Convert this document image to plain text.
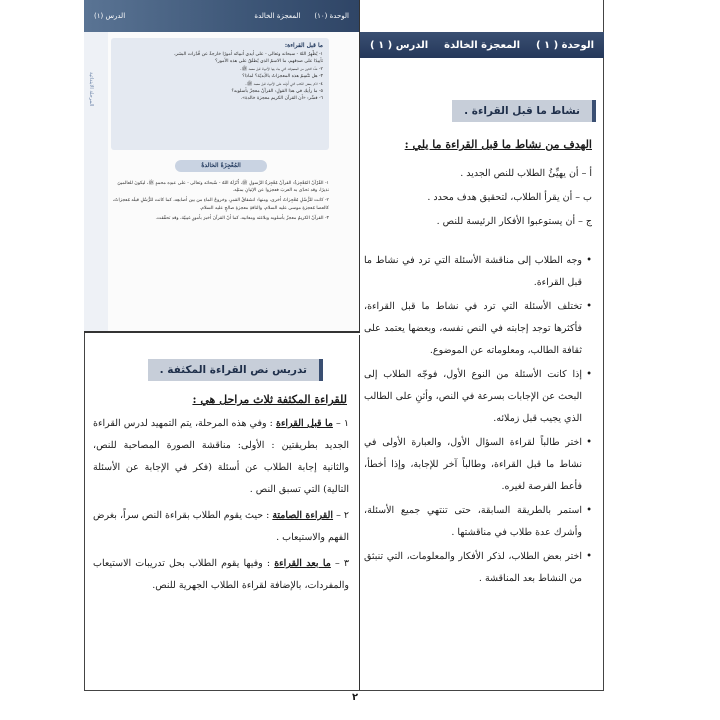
الوحدة (١٠)
المعجزة الخالدة
الدرس (١)
المرحلة الابتدائية
ما قبل القراءة:

١- يُظْهِرُ اللهُ - سبحانه وتعالى - على أيدي أنبيائه أمورًا خارجةً عن قُدُرات البشر،

تأييدًا على صدقهم، ما الاسمُ الذي يُطلَقُ على هذه الأمور؟

٢- عدِّد اثنتين من المعجزات التي جاء بها الأنبياءُ قبل محمد ﷺ.

٣- هل تتَّسِمُ هذه المعجزاتُ بالأبديّة؟ لماذا؟

٤- اذكر بعض الكتب التي أُنزِلت على الأنبياء قبل محمد ﷺ.

٥- ما رأيك في هذا القولِ: القرآنُ معجزٌ بأسلوبه؟

٦- فسِّر: «أن القرآن الكريم معجزة خالدة».

المُعْجِزَةُ الخالدةُ

١- القُرْآنُ المُعْجِزةُ: القرآنُ مُعْجِزةُ الرَّسولِ ﷺ، أَنْزَلَهُ اللهُ - سُبحانَه وتعالى - على عبدِه محمدٍ ﷺ، ليكونَ للعالمينَ نذيرًا، وقد تحدّى به العربَ فعجزوا عن الإتيانِ بمثلِه.

٢- كانت للرُّسُلِ مُعْجِزاتٌ أخرى، ومنها: انشقاقُ القمرِ، وخروجُ الماءِ من بين أصابعِه، كما كانت للرُّسُلِ قبلَه مُعجزاتٌ، كالعصا مُعجزةِ موسى عليه السلام، والناقةِ معجزةِ صالحٍ عليه السلام.

٣- القرآنُ الكريمُ معجزٌ بأسلوبه وبلاغته ومعانيه، كما أنّ القرآنَ أخبرَ بأمورٍ غيبيّة، وقد تحقّقت.

الوحدة ( ١ )
المعجزة الخالدة
الدرس ( ١ )
نشاط ما قبل القراءة .
الهدف من نشاط ما قبل القراءة ما يلي :
أ – أن يهيِّئُ الطلاب للنص الجديد .
ب – أن يقرأ الطلاب، لتحقيق هدف محدد .
ج – أن يستوعبوا الأفكار الرئيسة للنص .
• وجه الطلاب إلى مناقشة الأسئلة التي ترد في نشاط ما قبل القراءة.
• تختلف الأسئلة التي ترد في نشاط ما قبل القراءة، فأكثرها توجد إجابته في النص نفسه، وبعضها يعتمد على ثقافة الطالب، ومعلوماته عن الموضوع.
• إذا كانت الأسئلة من النوع الأول، فوجّه الطلاب إلى البحث عن الإجابات بسرعة في النص، وأثنِ على الطالب الذي يجيب قبل زملائه.
• اختر طالباً لقراءة السؤال الأول، والعبارة الأولى في نشاط ما قبل القراءة، وطالباً آخر للإجابة، وإذا أخطأ، فأعط الفرصة لغيره.
• استمر بالطريقة السابقة، حتى تنتهي جميع الأسئلة، وأشرك عدة طلاب في مناقشتها .
• اختر بعض الطلاب، لذكر الأفكار والمعلومات، التي تنبثق من النشاط بعد المناقشة .
تدريس نص القراءة المكثفة .
للقراءة المكثفة ثلاث مراحل هي :
١ – ما قبل القراءة : وفي هذه المرحلة، يتم التمهيد لدرس القراءة الجديد بطريقتين : الأولى: مناقشة الصورة المصاحبة للنص، والثانية إجابة الطلاب عن أسئلة (فكر في الإجابة عن الأسئلة التالية) التي تسبق النص .
٢ – القراءة الصامتة : حيث يقوم الطلاب بقراءة النص سراً، بغرض الفهم والاستيعاب .
٣ – ما بعد القراءة : وفيها يقوم الطلاب بحل تدريبات الاستيعاب والمفردات، بالإضافة لقراءة الطلاب الجهرية للنص.
٢
